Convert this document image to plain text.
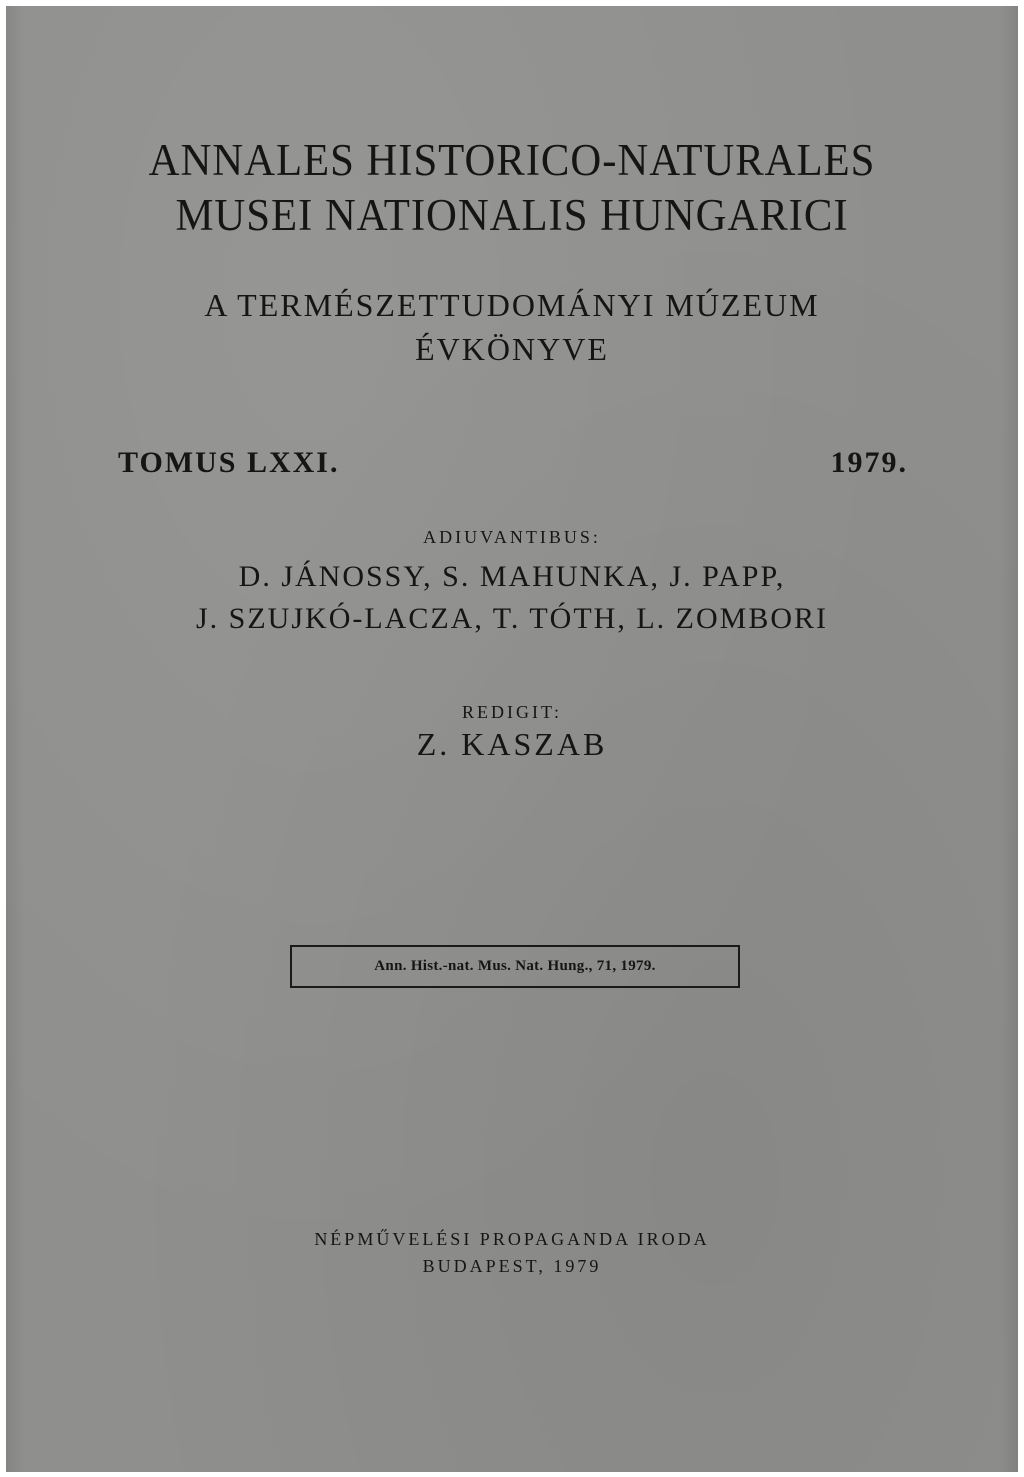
ANNALES HISTORICO-NATURALES
MUSEI NATIONALIS HUNGARICI
A TERMÉSZETTUDOMÁNYI MÚZEUM
ÉVKÖNYVE
TOMUS LXXI.	1979.
ADIUVANTIBUS:
D. JÁNOSSY, S. MAHUNKA, J. PAPP,
J. SZUJKÓ-LACZA, T. TÓTH, L. ZOMBORI
REDIGIT:
Z. KASZAB
Ann. Hist.-nat. Mus. Nat. Hung., 71, 1979.
NÉPMŰVELÉSI PROPAGANDA IRODA
BUDAPEST, 1979
